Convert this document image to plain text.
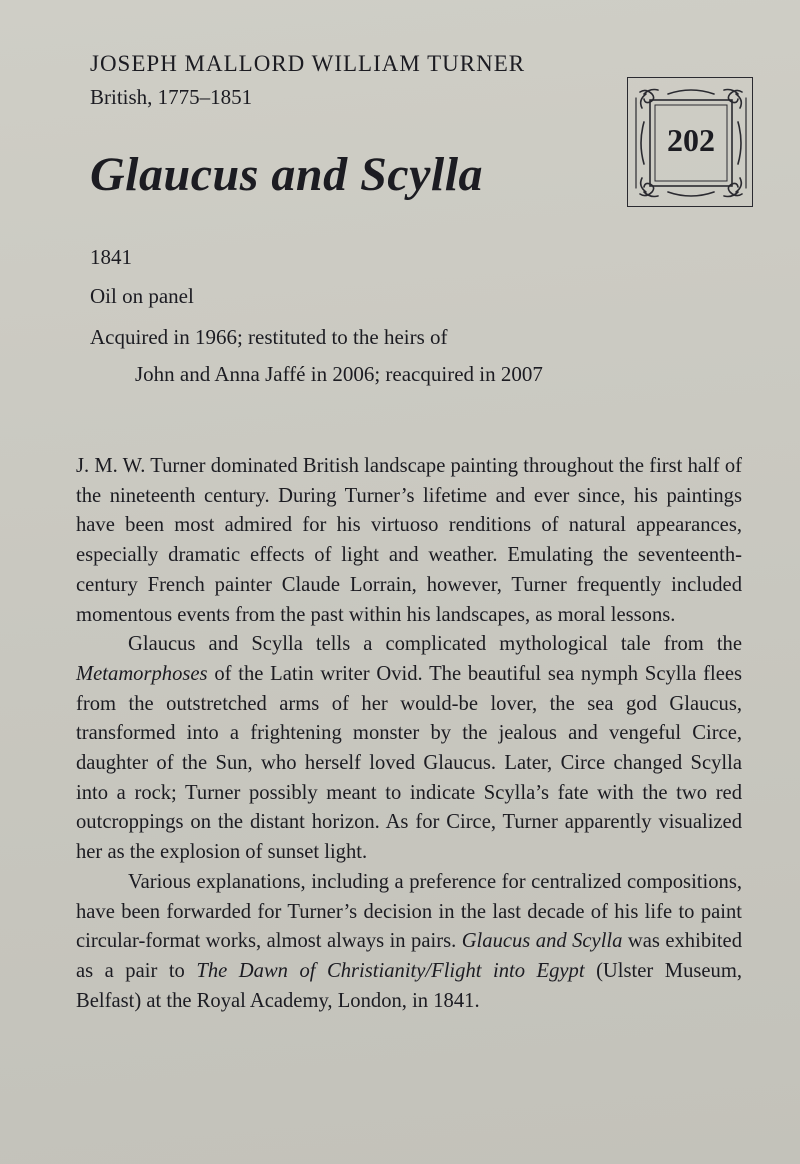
JOSEPH MALLORD WILLIAM TURNER
British, 1775–1851
Glaucus and Scylla
202
1841
Oil on panel
Acquired in 1966; restituted to the heirs of
John and Anna Jaffé in 2006; reacquired in 2007

J. M. W. Turner dominated British landscape painting throughout the first half of the nineteenth century. During Turner’s lifetime and ever since, his paintings have been most admired for his virtuoso renditions of natural appearances, especially dramatic effects of light and weather. Emulating the seventeenth-century French painter Claude Lorrain, however, Turner frequently included momentous events from the past within his landscapes, as moral lessons.

Glaucus and Scylla tells a complicated mythological tale from the Metamorphoses of the Latin writer Ovid. The beautiful sea nymph Scylla flees from the outstretched arms of her would-be lover, the sea god Glaucus, transformed into a frightening monster by the jealous and vengeful Circe, daughter of the Sun, who herself loved Glaucus. Later, Circe changed Scylla into a rock; Turner possibly meant to indicate Scylla’s fate with the two red outcroppings on the distant horizon. As for Circe, Turner apparently visualized her as the explosion of sunset light.

Various explanations, including a preference for centralized compositions, have been forwarded for Turner’s decision in the last decade of his life to paint circular-format works, almost always in pairs. Glaucus and Scylla was exhibited as a pair to The Dawn of Christianity/Flight into Egypt (Ulster Museum, Belfast) at the Royal Academy, London, in 1841.
